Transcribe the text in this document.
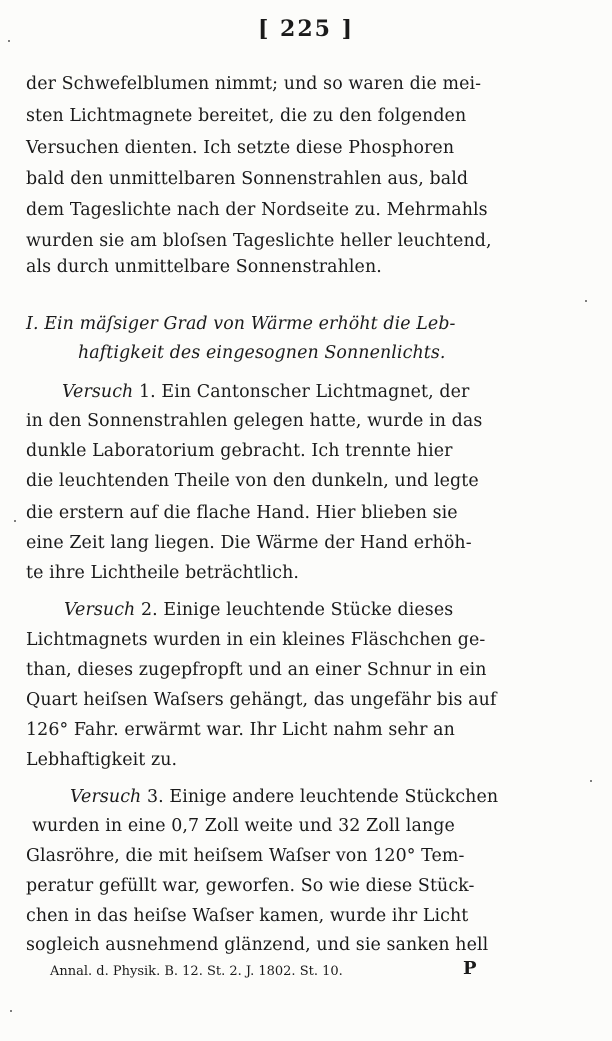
[ 225 ]
der Schwefelblumen nimmt; und so waren die mei-
sten Lichtmagnete bereitet, die zu den folgenden
Versuchen dienten. Ich setzte diese Phosphoren
bald den unmittelbaren Sonnenstrahlen aus, bald
dem Tageslichte nach der Nordseite zu. Mehrmahls
wurden sie am bloſsen Tageslichte heller leuchtend,
als durch unmittelbare Sonnenstrahlen.
I. Ein mäſsiger Grad von Wärme erhöht die Leb-
haftigkeit des eingesognen Sonnenlichts.
Versuch 1. Ein Cantonscher Lichtmagnet, der
in den Sonnenstrahlen gelegen hatte, wurde in das
dunkle Laboratorium gebracht. Ich trennte hier
die leuchtenden Theile von den dunkeln, und legte
die erstern auf die flache Hand. Hier blieben sie
eine Zeit lang liegen. Die Wärme der Hand erhöh-
te ihre Lichtheile beträchtlich.
Versuch 2. Einige leuchtende Stücke dieses
Lichtmagnets wurden in ein kleines Fläschchen ge-
than, dieses zugepfropft und an einer Schnur in ein
Quart heiſsen Waſsers gehängt, das ungefähr bis auf
126° Fahr. erwärmt war. Ihr Licht nahm sehr an
Lebhaftigkeit zu.
Versuch 3. Einige andere leuchtende Stückchen
wurden in eine 0,7 Zoll weite und 32 Zoll lange
Glasröhre, die mit heiſsem Waſser von 120° Tem-
peratur gefüllt war, geworfen. So wie diese Stück-
chen in das heiſse Waſser kamen, wurde ihr Licht
sogleich ausnehmend glänzend, und sie sanken hell
Annal. d. Physik. B. 12. St. 2. J. 1802. St. 10.	P
